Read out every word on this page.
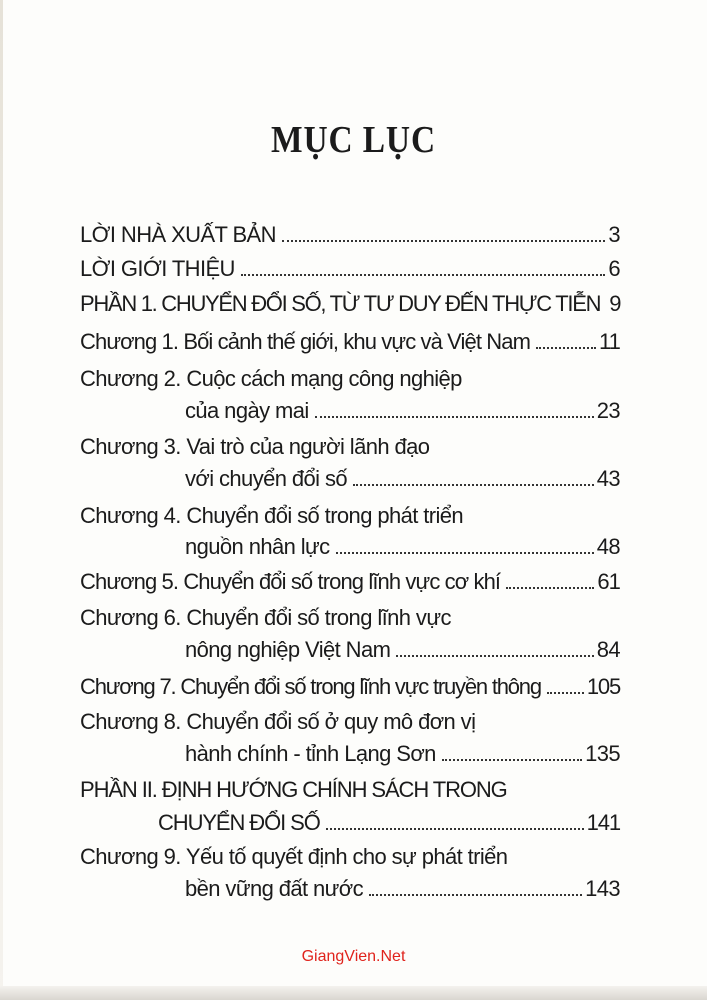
MỤC LỤC
LỜI NHÀ XUẤT BẢN	3
LỜI GIỚI THIỆU	6
PHẦN 1. CHUYỂN ĐỔI SỐ, TỪ TƯ DUY ĐẾN THỰC TIỄN 9
Chương 1. Bối cảnh thế giới, khu vực và Việt Nam	11
Chương 2. Cuộc cách mạng công nghiệp
của ngày mai	23
Chương 3. Vai trò của người lãnh đạo
với chuyển đổi số	43
Chương 4. Chuyển đổi số trong phát triển
nguồn nhân lực	48
Chương 5. Chuyển đổi số trong lĩnh vực cơ khí	61
Chương 6. Chuyển đổi số trong lĩnh vực
nông nghiệp Việt Nam	84
Chương 7. Chuyển đổi số trong lĩnh vực truyền thông 105
Chương 8. Chuyển đổi số ở quy mô đơn vị
hành chính - tỉnh Lạng Sơn	135
PHẦN II. ĐỊNH HƯỚNG CHÍNH SÁCH TRONG
CHUYỂN ĐỔI SỐ	141
Chương 9. Yếu tố quyết định cho sự phát triển
bền vững đất nước	143
GiangVien.Net
